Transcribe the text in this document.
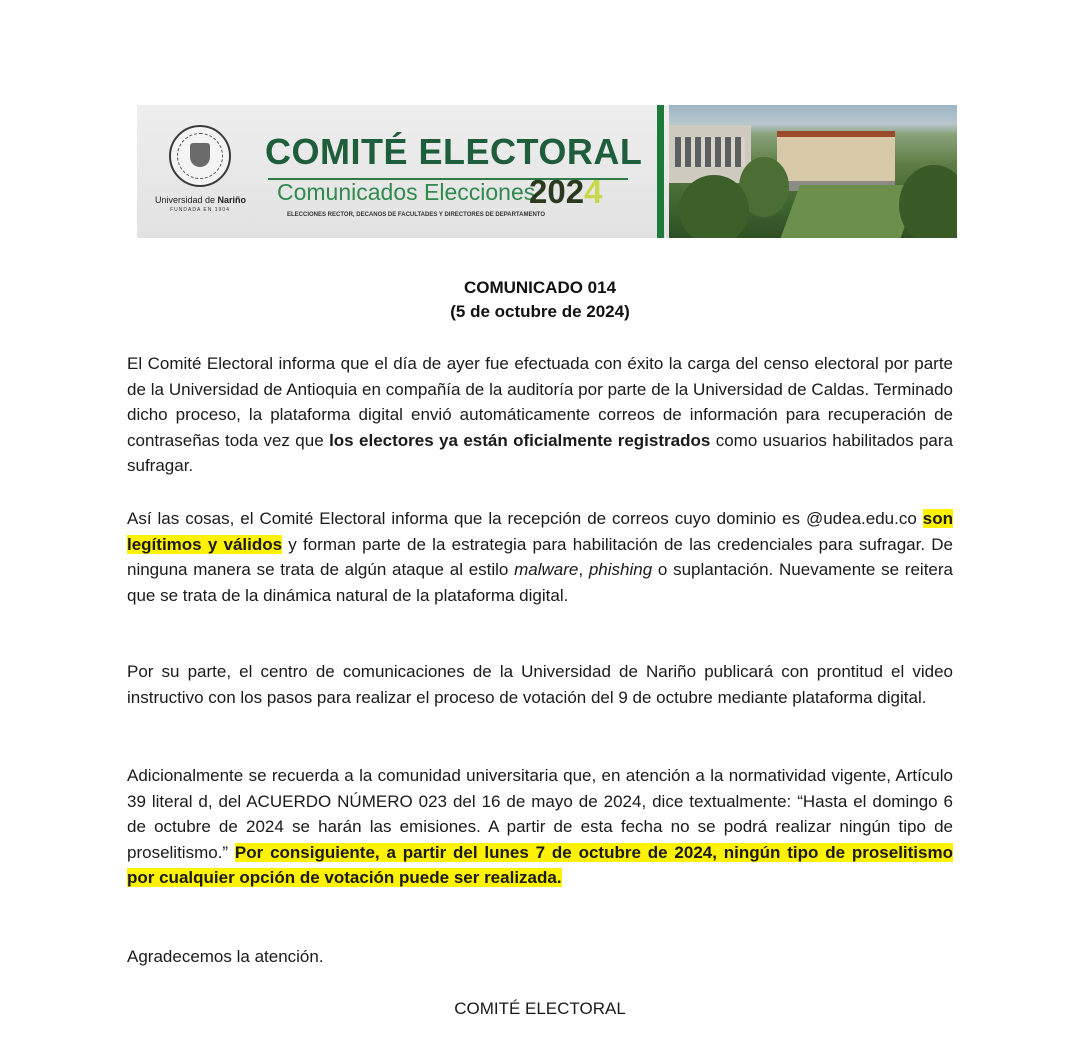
Universidad de Nariño
FUNDADA EN 1904
COMITÉ ELECTORAL
Comunicados Elecciones
2024
ELECCIONES RECTOR, DECANOS DE FACULTADES Y DIRECTORES DE DEPARTAMENTO
COMUNICADO 014
(5 de octubre de 2024)

El Comité Electoral informa que el día de ayer fue efectuada con éxito la carga del censo electoral por parte de la Universidad de Antioquia en compañía de la auditoría por parte de la Universidad de Caldas. Terminado dicho proceso, la plataforma digital envió automáticamente correos de información para recuperación de contraseñas toda vez que los electores ya están oficialmente registrados como usuarios habilitados para sufragar.

Así las cosas, el Comité Electoral informa que la recepción de correos cuyo dominio es @udea.edu.co son legítimos y válidos y forman parte de la estrategia para habilitación de las credenciales para sufragar. De ninguna manera se trata de algún ataque al estilo malware, phishing o suplantación. Nuevamente se reitera que se trata de la dinámica natural de la plataforma digital.

Por su parte, el centro de comunicaciones de la Universidad de Nariño publicará con prontitud el video instructivo con los pasos para realizar el proceso de votación del 9 de octubre mediante plataforma digital.

Adicionalmente se recuerda a la comunidad universitaria que, en atención a la normatividad vigente, Artículo 39 literal d, del ACUERDO NÚMERO 023 del 16 de mayo de 2024, dice textualmente: “Hasta el domingo 6 de octubre de 2024 se harán las emisiones. A partir de esta fecha no se podrá realizar ningún tipo de proselitismo.” Por consiguiente, a partir del lunes 7 de octubre de 2024, ningún tipo de proselitismo por cualquier opción de votación puede ser realizada.

Agradecemos la atención.

COMITÉ ELECTORAL
